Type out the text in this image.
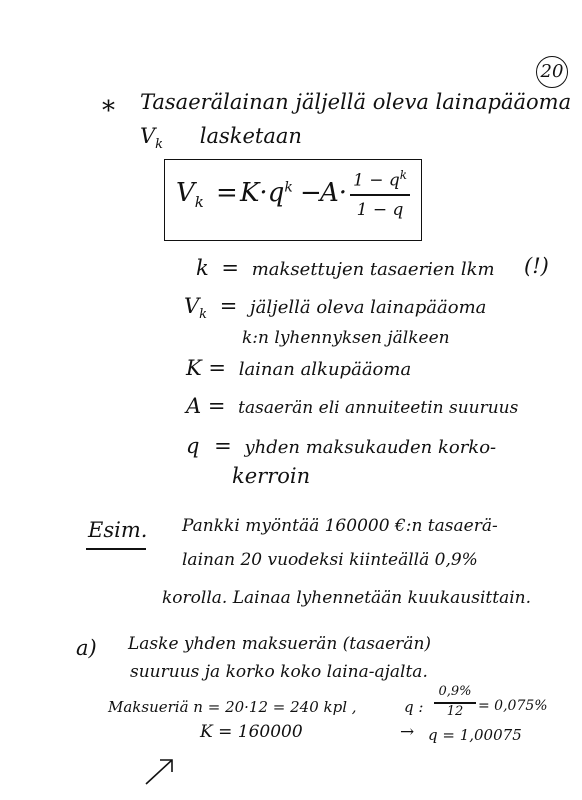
20
* Tasaerälainan jäljellä oleva lainapääoma
$V_k$ lasketaan
$V_k = K\cdot q^k$ −
$A\cdot 1 - q^k$
1 − q
k = maksettujen tasaerien lkm (!)
$V_k$ = jäljellä oleva lainapääoma
k:n lyhennyksen jälkeen
K = lainan alkupääoma
A = tasaerän eli annuiteetin suuruus
q = yhden maksukauden korko-
kerroin
Esim. Pankki myöntää 160000 €:n tasaerä-
lainan 20 vuodeksi kiinteällä 0,9%
korolla. Lainaa lyhennetään kuukausittain.
a) Laske yhden maksuerän (tasaerän)
suuruus ja korko koko laina-ajalta.
Maksueriä n = 20·12 = 240 kpl ,	q :
0,9%
12	= 0,075%
K = 160000	→ q = 1,00075
